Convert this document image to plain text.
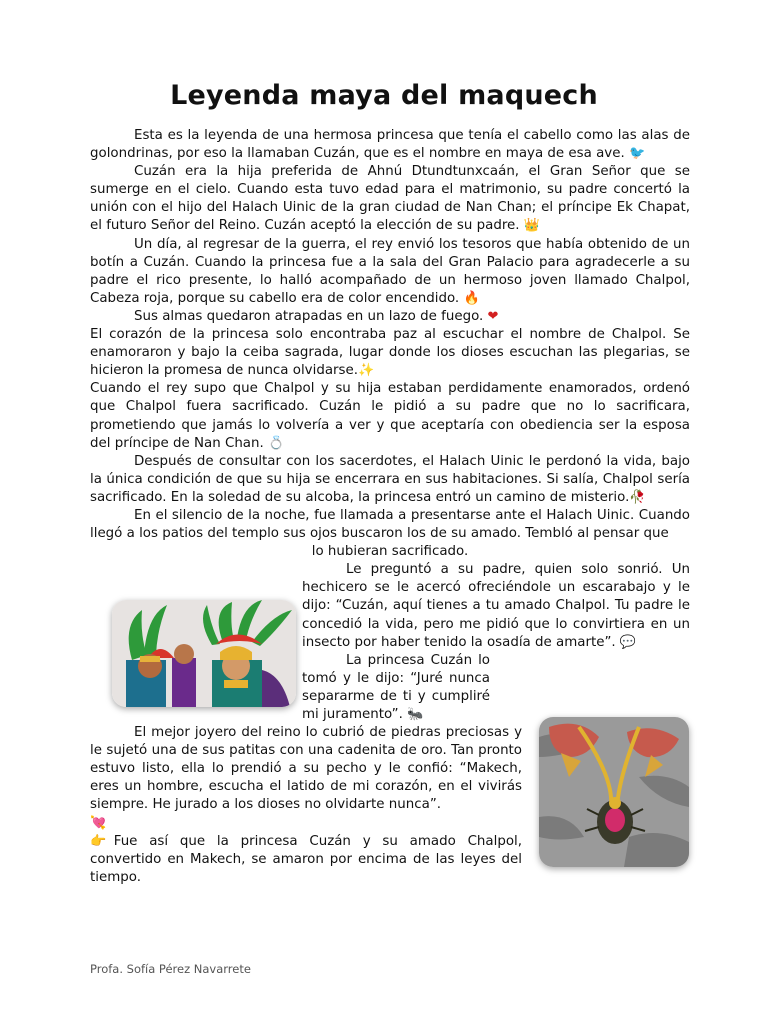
Leyenda maya del maquech

Esta es la leyenda de una hermosa princesa que tenía el cabello como las alas de golondrinas, por eso la llamaban Cuzán, que es el nombre en maya de esa ave. 🐦

Cuzán era la hija preferida de Ahnú Dtundtunxcaán, el Gran Señor que se sumerge en el cielo. Cuando esta tuvo edad para el matrimonio, su padre concertó la unión con el hijo del Halach Uinic de la gran ciudad de Nan Chan; el príncipe Ek Chapat, el futuro Señor del Reino. Cuzán aceptó la elección de su padre. 👑

Un día, al regresar de la guerra, el rey envió los tesoros que había obtenido de un botín a Cuzán. Cuando la princesa fue a la sala del Gran Palacio para agradecerle a su padre el rico presente, lo halló acompañado de un hermoso joven llamado Chalpol, Cabeza roja, porque su cabello era de color encendido. 🔥

Sus almas quedaron atrapadas en un lazo de fuego. ❤

El corazón de la princesa solo encontraba paz al escuchar el nombre de Chalpol. Se enamoraron y bajo la ceiba sagrada, lugar donde los dioses escuchan las plegarias, se hicieron la promesa de nunca olvidarse.✨

Cuando el rey supo que Chalpol y su hija estaban perdidamente enamorados, ordenó que Chalpol fuera sacrificado. Cuzán le pidió a su padre que no lo sacrificara, prometiendo que jamás lo volvería a ver y que aceptaría con obediencia ser la esposa del príncipe de Nan Chan. 💍

Después de consultar con los sacerdotes, el Halach Uinic le perdonó la vida, bajo la única condición de que su hija se encerrara en sus habitaciones. Si salía, Chalpol sería sacrificado. En la soledad de su alcoba, la princesa entró un camino de misterio.🥀

En el silencio de la noche, fue llamada a presentarse ante el Halach Uinic. Cuando llegó a los patios del templo sus ojos buscaron los de su amado. Tembló al pensar que

lo hubieran sacrificado.

Le preguntó a su padre, quien solo sonrió. Un hechicero se le acercó ofreciéndole un escarabajo y le dijo: “Cuzán, aquí tienes a tu amado Chalpol. Tu padre le concedió la vida, pero me pidió que lo convirtiera en un insecto por haber tenido la osadía de amarte”. 💬

La princesa Cuzán lo tomó y le dijo: “Juré nunca separarme de ti y cumpliré mi juramento”. 🐜

El mejor joyero del reino lo cubrió de piedras preciosas y le sujetó una de sus patitas con una cadenita de oro. Tan pronto estuvo listo, ella lo prendió a su pecho y le confió: “Makech, eres un hombre, escucha el latido de mi corazón, en el vivirás siempre. He jurado a los dioses no olvidarte nunca”.
💘

👉Fue así que la princesa Cuzán y su amado Chalpol, convertido en Makech, se amaron por encima de las leyes del tiempo.

Profa. Sofía Pérez Navarrete
